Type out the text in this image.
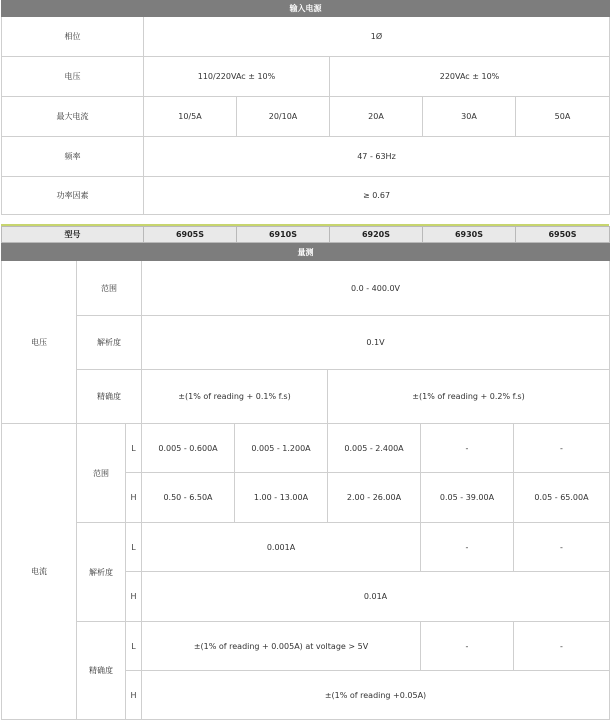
输入电源					
相位	1Ø				
电压	110/220VAc ± 10%		220VAc ± 10%		
最大电流	10/5A	20/10A	20A	30A	50A
频率	47 - 63Hz				
功率因素	≥ 0.67				
型号	6905S	6910S	6920S	6930S	6950S
量测							
电压	范围		0.0 - 400.0V				
	解析度		0.1V				
	精确度		±(1% of reading + 0.1% f.s)		±(1% of reading + 0.2% f.s)		
电流	范围	L	0.005 - 0.600A	0.005 - 1.200A	0.005 - 2.400A	-	-
		H	0.50 - 6.50A	1.00 - 13.00A	2.00 - 26.00A	0.05 - 39.00A	0.05 - 65.00A
	解析度	L	0.001A			-	-
		H	0.01A				
	精确度	L	±(1% of reading + 0.005A) at voltage > 5V			-	-
		H	±(1% of reading +0.05A)				
